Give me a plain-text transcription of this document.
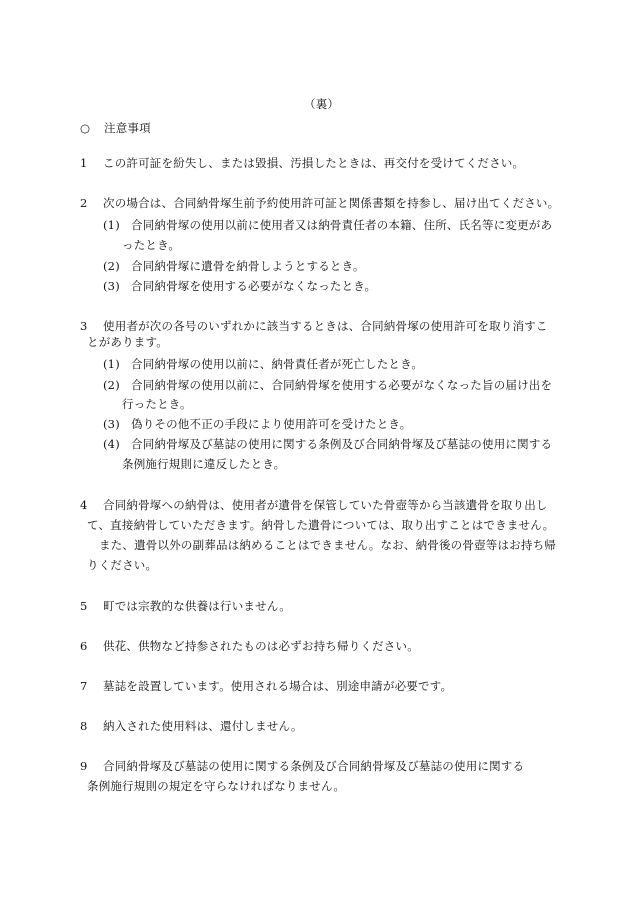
（裏）
○ 注意事項
1 この許可証を紛失し、または毀損、汚損したときは、再交付を受けてください。
2 次の場合は、合同納骨塚生前予約使用許可証と関係書類を持参し、届け出てください。
(1) 合同納骨塚の使用以前に使用者又は納骨責任者の本籍、住所、氏名等に変更があ
ったとき。
(2) 合同納骨塚に遺骨を納骨しようとするとき。
(3) 合同納骨塚を使用する必要がなくなったとき。
3 使用者が次の各号のいずれかに該当するときは、合同納骨塚の使用許可を取り消すこ
とがあります。
(1) 合同納骨塚の使用以前に、納骨責任者が死亡したとき。
(2) 合同納骨塚の使用以前に、合同納骨塚を使用する必要がなくなった旨の届け出を
行ったとき。
(3) 偽りその他不正の手段により使用許可を受けたとき。
(4) 合同納骨塚及び墓誌の使用に関する条例及び合同納骨塚及び墓誌の使用に関する
条例施行規則に違反したとき。
4 合同納骨塚への納骨は、使用者が遺骨を保管していた骨壺等から当該遺骨を取り出し
て、直接納骨していただきます。納骨した遺骨については、取り出すことはできません。
また、遺骨以外の副葬品は納めることはできません。なお、納骨後の骨壺等はお持ち帰
りください。
5 町では宗教的な供養は行いません。
6 供花、供物など持参されたものは必ずお持ち帰りください。
7 墓誌を設置しています。使用される場合は、別途申請が必要です。
8 納入された使用料は、還付しません。
9 合同納骨塚及び墓誌の使用に関する条例及び合同納骨塚及び墓誌の使用に関する
条例施行規則の規定を守らなければなりません。
